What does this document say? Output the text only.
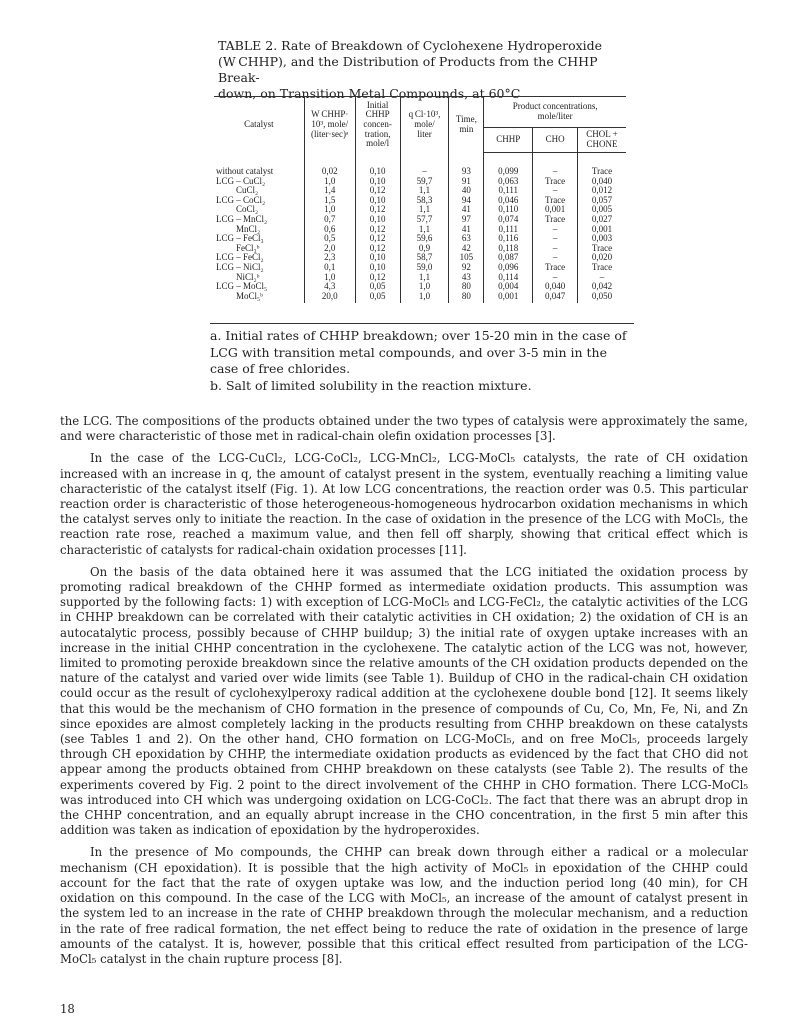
TABLE 2. Rate of Breakdown of Cyclohexene Hydroperoxide
(W CHHP), and the Distribution of Products from the CHHP Break-
down, on Transition Metal Compounds, at 60°C
Catalyst	W CHHP·
10³, mole/
(liter·sec)ᵃ	Initial
CHHP
concen-
tration,
mole/l	q Cl·10³,
mole/
liter	Time,
min	Product concentrations,
mole/liter		
					CHHP	CHO	CHOL +
CHONE
without catalyst	0,02	0,10	–	93	0,099	–	Trace
LCG – CuCl₂	1,0	0,10	59,7	91	0,063	Trace	0,040
CuCl₂	1,4	0,12	1,1	40	0,111	–	0,012
LCG – CoCl₂	1,5	0,10	58,3	94	0,046	Trace	0,057
CoCl₂	1,0	0,12	1,1	41	0,110	0,001	0,005
LCG – MnCl₂	0,7	0,10	57,7	97	0,074	Trace	0,027
MnCl₂	0,6	0,12	1,1	41	0,111	–	0,001
LCG – FeCl₃	0,5	0,12	59,6	63	0,116	–	0,003
FeCl₃ᵇ	2,0	0,12	0,9	42	0,118	–	Trace
LCG – FeCl₂	2,3	0,10	58,7	105	0,087	–	0,020
LCG – NiCl₂	0,1	0,10	59,0	92	0,096	Trace	Trace
NiCl₂ᵇ	1,0	0,12	1,1	43	0,114	–	–
LCG – MoCl₅	4,3	0,05	1,0	80	0,004	0,040	0,042
MoCl₅ᵇ	20,0	0,05	1,0	80	0,001	0,047	0,050

a. Initial rates of CHHP breakdown; over 15-20 min in the case of LCG with transition metal compounds, and over 3-5 min in the case of free chlorides.

b. Salt of limited solubility in the reaction mixture.

the LCG. The compositions of the products obtained under the two types of catalysis were approximately the same, and were characteristic of those met in radical-chain olefin oxidation processes [3].

In the case of the LCG-CuCl₂, LCG-CoCl₂, LCG-MnCl₂, LCG-MoCl₅ catalysts, the rate of CH oxidation increased with an increase in q, the amount of catalyst present in the system, eventually reaching a limiting value characteristic of the catalyst itself (Fig. 1). At low LCG concentrations, the reaction order was 0.5. This particular reaction order is characteristic of those heterogeneous-homogeneous hydrocarbon oxidation mechanisms in which the catalyst serves only to initiate the reaction. In the case of oxidation in the presence of the LCG with MoCl₅, the reaction rate rose, reached a maximum value, and then fell off sharply, showing that critical effect which is characteristic of catalysts for radical-chain oxidation processes [11].

On the basis of the data obtained here it was assumed that the LCG initiated the oxidation process by promoting radical breakdown of the CHHP formed as intermediate oxidation products. This assumption was supported by the following facts: 1) with exception of LCG-MoCl₅ and LCG-FeCl₂, the catalytic activities of the LCG in CHHP breakdown can be correlated with their catalytic activities in CH oxidation; 2) the oxidation of CH is an autocatalytic process, possibly because of CHHP buildup; 3) the initial rate of oxygen uptake increases with an increase in the initial CHHP concentration in the cyclohexene. The catalytic action of the LCG was not, however, limited to promoting peroxide breakdown since the relative amounts of the CH oxidation products depended on the nature of the catalyst and varied over wide limits (see Table 1). Buildup of CHO in the radical-chain CH oxidation could occur as the result of cyclohexylperoxy radical addition at the cyclohexene double bond [12]. It seems likely that this would be the mechanism of CHO formation in the presence of compounds of Cu, Co, Mn, Fe, Ni, and Zn since epoxides are almost completely lacking in the products resulting from CHHP breakdown on these catalysts (see Tables 1 and 2). On the other hand, CHO formation on LCG-MoCl₅, and on free MoCl₅, proceeds largely through CH epoxidation by CHHP, the intermediate oxidation products as evidenced by the fact that CHO did not appear among the products obtained from CHHP breakdown on these catalysts (see Table 2). The results of the experiments covered by Fig. 2 point to the direct involvement of the CHHP in CHO formation. There LCG-MoCl₅ was introduced into CH which was undergoing oxidation on LCG-CoCl₂. The fact that there was an abrupt drop in the CHHP concentration, and an equally abrupt increase in the CHO concentration, in the first 5 min after this addition was taken as indication of epoxidation by the hydroperoxides.

In the presence of Mo compounds, the CHHP can break down through either a radical or a molecular mechanism (CH epoxidation). It is possible that the high activity of MoCl₅ in epoxidation of the CHHP could account for the fact that the rate of oxygen uptake was low, and the induction period long (40 min), for CH oxidation on this compound. In the case of the LCG with MoCl₅, an increase of the amount of catalyst present in the system led to an increase in the rate of CHHP breakdown through the molecular mechanism, and a reduction in the rate of free radical formation, the net effect being to reduce the rate of oxidation in the presence of large amounts of the catalyst. It is, however, possible that this critical effect resulted from participation of the LCG-MoCl₅ catalyst in the chain rupture process [8].

18
